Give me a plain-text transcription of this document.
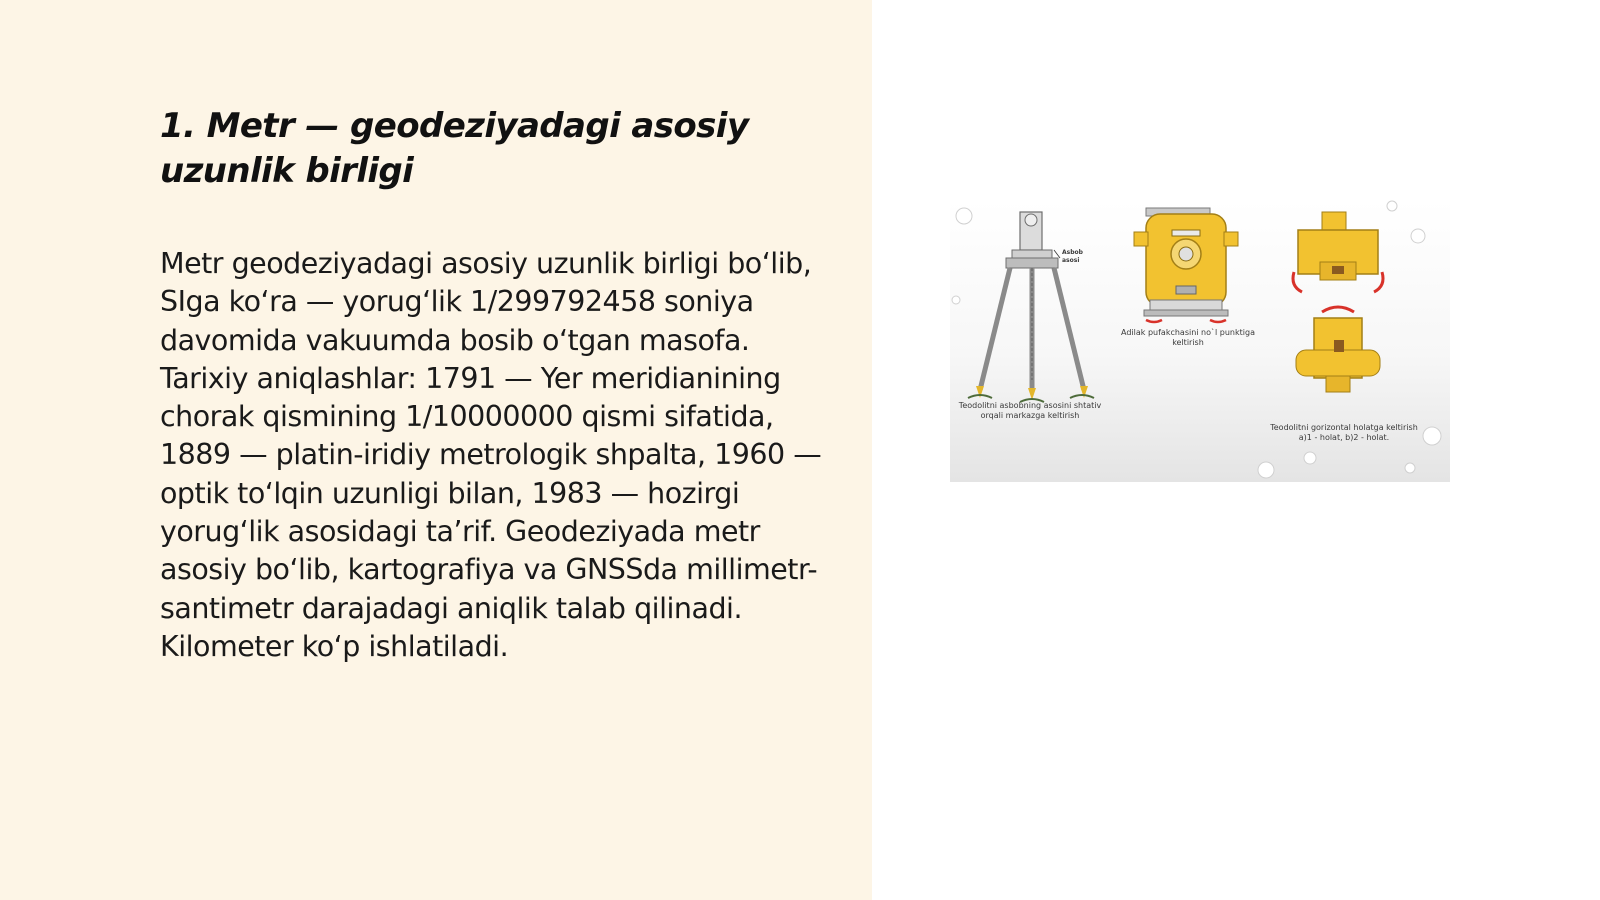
1. Metr — geodeziyadagi asosiy uzunlik birligi

Metr geodeziyadagi asosiy uzunlik birligi bo‘lib, SIga ko‘ra — yorug‘lik 1/299792458 soniya davomida vakuumda bosib o‘tgan masofa. Tarixiy aniqlashlar: 1791 — Yer meridianining chorak qismining 1/10000000 qismi sifatida, 1889 — platin-iridiy metrologik shpalta, 1960 — optik to‘lqin uzunligi bilan, 1983 — hozirgi yorug‘lik asosidagi ta’rif. Geodeziyada metr asosiy bo‘lib, kartografiya va GNSSda millimetr-santimetr darajadagi aniqlik talab qilinadi. Kilometer ko‘p ishlatiladi.

Asbob
asosi
Teodolitni asbobning asosini shtativ
orqali markazga keltirish
Adilak pufakchasini no`l punktiga
keltirish
Teodolitni gorizontal holatga keltirish
a)1 - holat, b)2 - holat.
